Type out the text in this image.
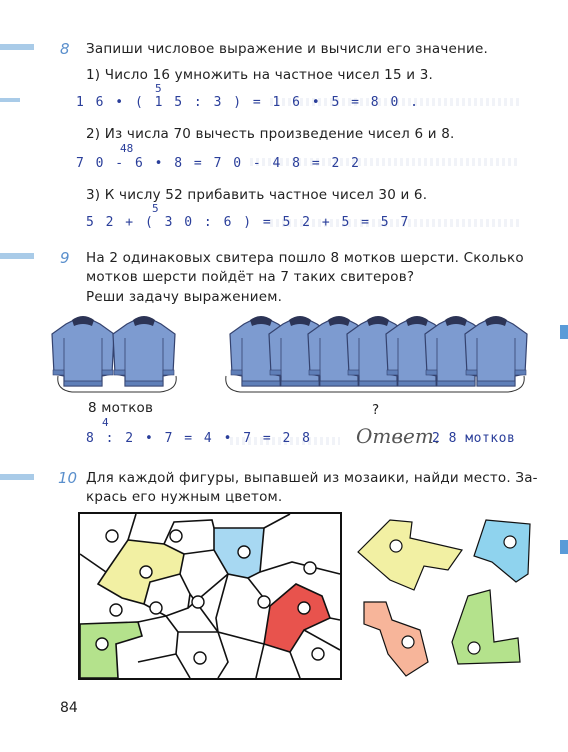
8 Запиши числовое выражение и вычисли его значение.
1) Число 16 умножить на частное чисел 15 и 3.
5
1 6 • ( 1 5 : 3 ) = 1 6 • 5 = 8 0 .
2) Из числа 70 вычесть произведение чисел 6 и 8.
48
7 0 - 6 • 8 = 7 0 - 4 8 = 2 2
3) К числу 52 прибавить частное чисел 30 и 6.
5
5 2 + ( 3 0 : 6 ) = 5 2 + 5 = 5 7
9 На 2 одинаковых свитера пошло 8 мотков шерсти. Сколько
мотков шерсти пойдёт на 7 таких свитеров?
Реши задачу выражением.
8 мотков	?
4
8 : 2 • 7 = 4 • 7 = 2 8 Ответ.
2 8 мотков
10 Для каждой фигуры, выпавшей из мозаики, найди место. За-
крась его нужным цветом.
84
